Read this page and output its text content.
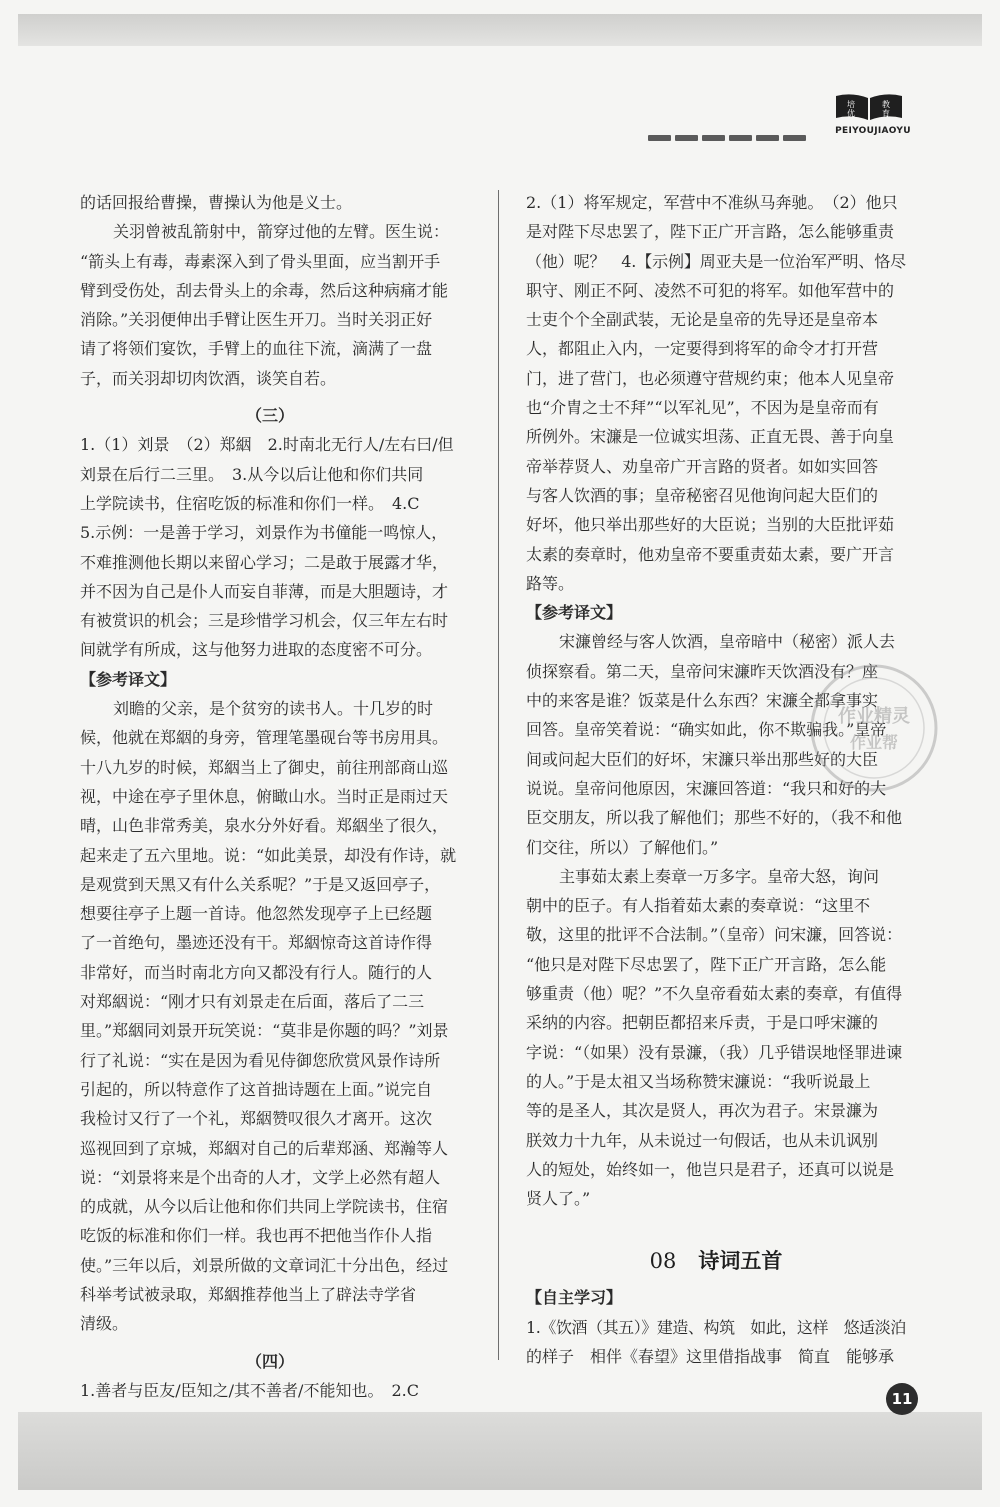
培
优
教
育
PEIYOUJIAOYU
的话回报给曹操，曹操认为他是义士。
关羽曾被乱箭射中，箭穿过他的左臂。医生说：
“箭头上有毒，毒素深入到了骨头里面，应当割开手
臂到受伤处，刮去骨头上的余毒，然后这种病痛才能
消除。”关羽便伸出手臂让医生开刀。当时关羽正好
请了将领们宴饮，手臂上的血往下流，滴满了一盘
子，而关羽却切肉饮酒，谈笑自若。
（三）
1.（1）刘景　（2）郑絪　2.时南北无行人/左右曰/但
刘景在后行二三里。　3.从今以后让他和你们共同
上学院读书，住宿吃饭的标准和你们一样。　4.C
5.示例：一是善于学习，刘景作为书僮能一鸣惊人，
不难推测他长期以来留心学习；二是敢于展露才华，
并不因为自己是仆人而妄自菲薄，而是大胆题诗，才
有被赏识的机会；三是珍惜学习机会，仅三年左右时
间就学有所成，这与他努力进取的态度密不可分。
【参考译文】
刘瞻的父亲，是个贫穷的读书人。十几岁的时
候，他就在郑絪的身旁，管理笔墨砚台等书房用具。
十八九岁的时候，郑絪当上了御史，前往刑部商山巡
视，中途在亭子里休息，俯瞰山水。当时正是雨过天
晴，山色非常秀美，泉水分外好看。郑絪坐了很久，
起来走了五六里地。说：“如此美景，却没有作诗，就
是观赏到天黑又有什么关系呢？”于是又返回亭子，
想要往亭子上题一首诗。他忽然发现亭子上已经题
了一首绝句，墨迹还没有干。郑絪惊奇这首诗作得
非常好，而当时南北方向又都没有行人。随行的人
对郑絪说：“刚才只有刘景走在后面，落后了二三
里。”郑絪同刘景开玩笑说：“莫非是你题的吗？”刘景
行了礼说：“实在是因为看见侍御您欣赏风景作诗所
引起的，所以特意作了这首拙诗题在上面。”说完自
我检讨又行了一个礼，郑絪赞叹很久才离开。这次
巡视回到了京城，郑絪对自己的后辈郑涵、郑瀚等人
说：“刘景将来是个出奇的人才，文学上必然有超人
的成就，从今以后让他和你们共同上学院读书，住宿
吃饭的标准和你们一样。我也再不把他当作仆人指
使。”三年以后，刘景所做的文章词汇十分出色，经过
科举考试被录取，郑絪推荐他当上了辟法寺学省
清级。
（四）
1.善者与臣友/臣知之/其不善者/不能知也。　2.C
2.（1）将军规定，军营中不准纵马奔驰。　（2）他只
是对陛下尽忠罢了，陛下正广开言路，怎么能够重责
（他）呢？　4.【示例】周亚夫是一位治军严明、恪尽
职守、刚正不阿、凌然不可犯的将军。如他军营中的
士吏个个全副武装，无论是皇帝的先导还是皇帝本
人，都阻止入内，一定要得到将军的命令才打开营
门，进了营门，也必须遵守营规约束；他本人见皇帝
也“介胄之士不拜”“以军礼见”，不因为是皇帝而有
所例外。宋濂是一位诚实坦荡、正直无畏、善于向皇
帝举荐贤人、劝皇帝广开言路的贤者。如如实回答
与客人饮酒的事；皇帝秘密召见他询问起大臣们的
好坏，他只举出那些好的大臣说；当别的大臣批评茹
太素的奏章时，他劝皇帝不要重责茹太素，要广开言
路等。
【参考译文】
宋濂曾经与客人饮酒，皇帝暗中（秘密）派人去
侦探察看。第二天，皇帝问宋濂昨天饮酒没有？座
中的来客是谁？饭菜是什么东西？宋濂全都拿事实
回答。皇帝笑着说：“确实如此，你不欺骗我。”皇帝
间或问起大臣们的好坏，宋濂只举出那些好的大臣
说说。皇帝问他原因，宋濂回答道：“我只和好的大
臣交朋友，所以我了解他们；那些不好的，（我不和他
们交往，所以）了解他们。”
主事茹太素上奏章一万多字。皇帝大怒，询问
朝中的臣子。有人指着茹太素的奏章说：“这里不
敬，这里的批评不合法制。”（皇帝）问宋濂，回答说：
“他只是对陛下尽忠罢了，陛下正广开言路，怎么能
够重责（他）呢？”不久皇帝看茹太素的奏章，有值得
采纳的内容。把朝臣都招来斥责，于是口呼宋濂的
字说：“（如果）没有景濂，（我）几乎错误地怪罪进谏
的人。”于是太祖又当场称赞宋濂说：“我听说最上
等的是圣人，其次是贤人，再次为君子。宋景濂为
朕效力十九年，从未说过一句假话，也从未讥讽别
人的短处，始终如一，他岂只是君子，还真可以说是
贤人了。”
08 诗词五首
【自主学习】
1.《饮酒（其五）》建造、构筑　如此，这样　悠适淡泊
的样子　相伴《春望》这里借指战事　简直　能够承
作业精灵
作业帮
11
